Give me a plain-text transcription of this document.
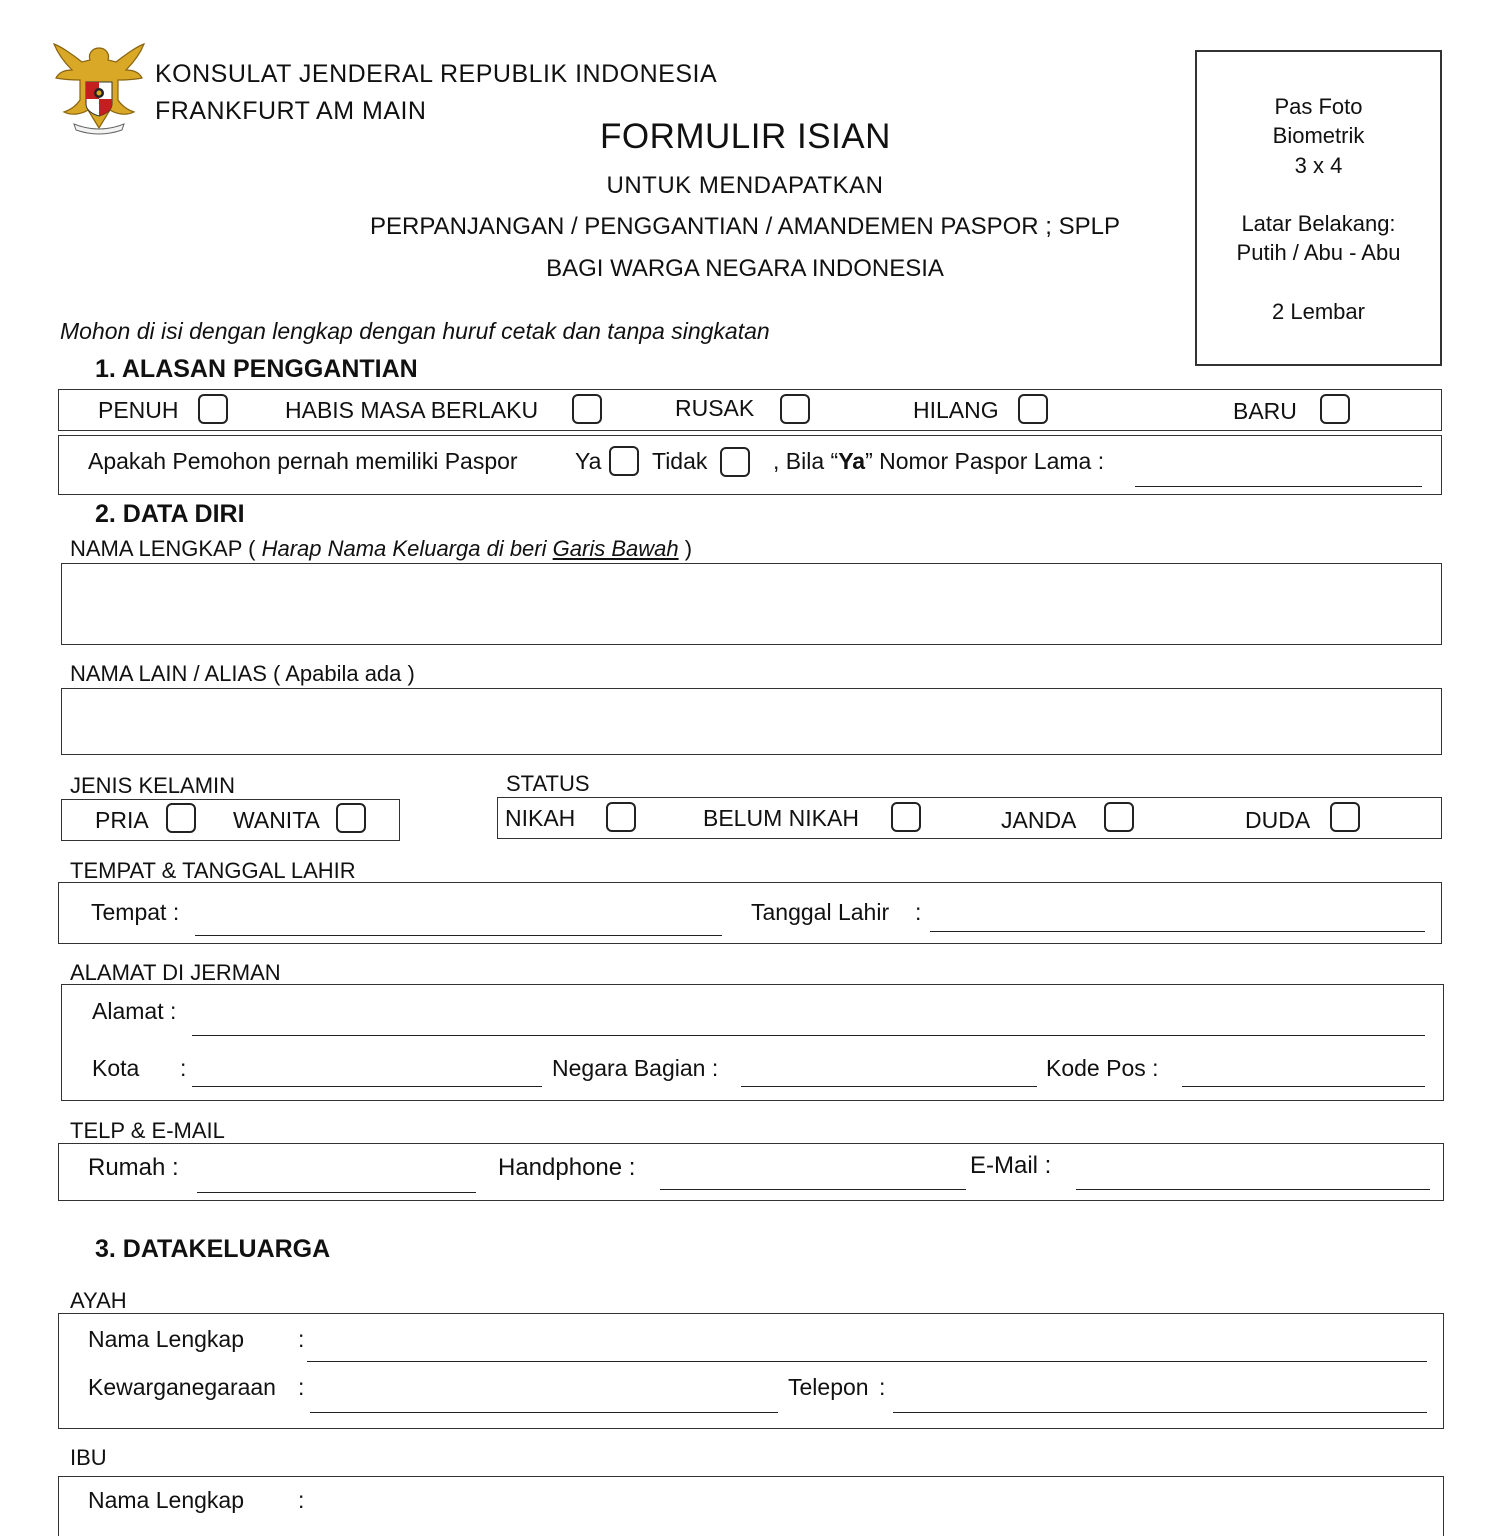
KONSULAT JENDERAL REPUBLIK INDONESIA
FRANKFURT AM MAIN
FORMULIR ISIAN
UNTUK MENDAPATKAN
PERPANJANGAN / PENGGANTIAN / AMANDEMEN PASPOR ; SPLP
BAGI WARGA NEGARA INDONESIA
Pas Foto
Biometrik
3 x 4
Latar Belakang:
Putih / Abu - Abu
2 Lembar
Mohon di isi dengan lengkap dengan huruf cetak dan tanpa singkatan
1. ALASAN PENGGANTIAN
PENUH	HABIS MASA BERLAKU	RUSAK	HILANG	BARU
Apakah Pemohon pernah memiliki Paspor Ya Tidak	, Bila “Ya” Nomor Paspor Lama :
2. DATA DIRI
NAMA LENGKAP ( Harap Nama Keluarga di beri Garis Bawah )
NAMA LAIN / ALIAS ( Apabila ada )
JENIS KELAMIN
PRIA	WANITA
STATUS
NIKAH	BELUM NIKAH	JANDA	DUDA
TEMPAT & TANGGAL LAHIR
Tempat :	Tanggal Lahir :
ALAMAT DI JERMAN
Alamat :
Kota :	Negara Bagian :	Kode Pos :
TELP & E-MAIL
Rumah :	Handphone :	E-Mail :
3. DATAKELUARGA
AYAH
Nama Lengkap :
Kewarganegaraan :	Telepon :
IBU
Nama Lengkap :
